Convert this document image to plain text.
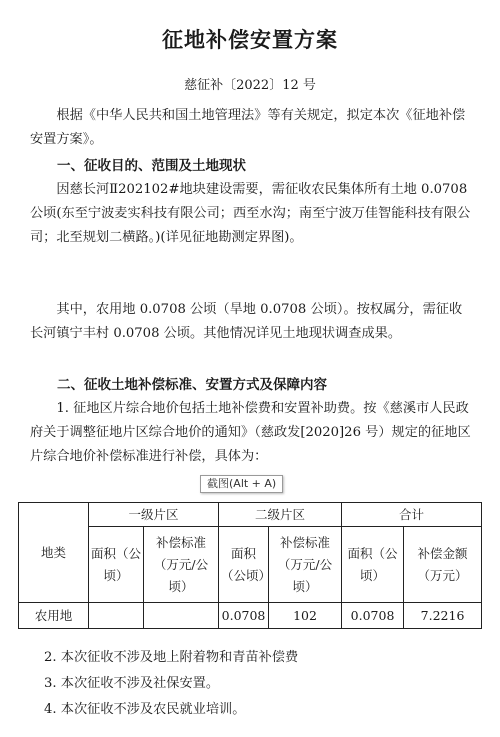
征地补偿安置方案
慈征补〔2022〕12 号

根据《中华人民共和国土地管理法》等有关规定，拟定本次《征地补偿安置方案》。

一、征收目的、范围及土地现状

因慈长河Ⅱ202102#地块建设需要，需征收农民集体所有土地 0.0708 公顷(东至宁波麦实科技有限公司；西至水沟；南至宁波万佳智能科技有限公司；北至规划二横路。)(详见征地勘测定界图)。

其中，农用地 0.0708 公顷（旱地 0.0708 公顷）。按权属分，需征收长河镇宁丰村 0.0708 公顷。其他情况详见土地现状调查成果。

二、征收土地补偿标准、安置方式及保障内容

1. 征地区片综合地价包括土地补偿费和安置补助费。按《慈溪市人民政府关于调整征地片区综合地价的通知》（慈政发[2020]26 号）规定的征地区片综合地价补偿标准进行补偿，具体为：

截图(Alt + A)
地类	一级片区		二级片区		合计	
	面积（公顷）	补偿标准（万元/公顷）	面积（公顷）	补偿标准（万元/公顷）	面积（公顷）	补偿金额（万元）
农用地			0.0708	102	0.0708	7.2216

2. 本次征收不涉及地上附着物和青苗补偿费

3. 本次征收不涉及社保安置。

4. 本次征收不涉及农民就业培训。
